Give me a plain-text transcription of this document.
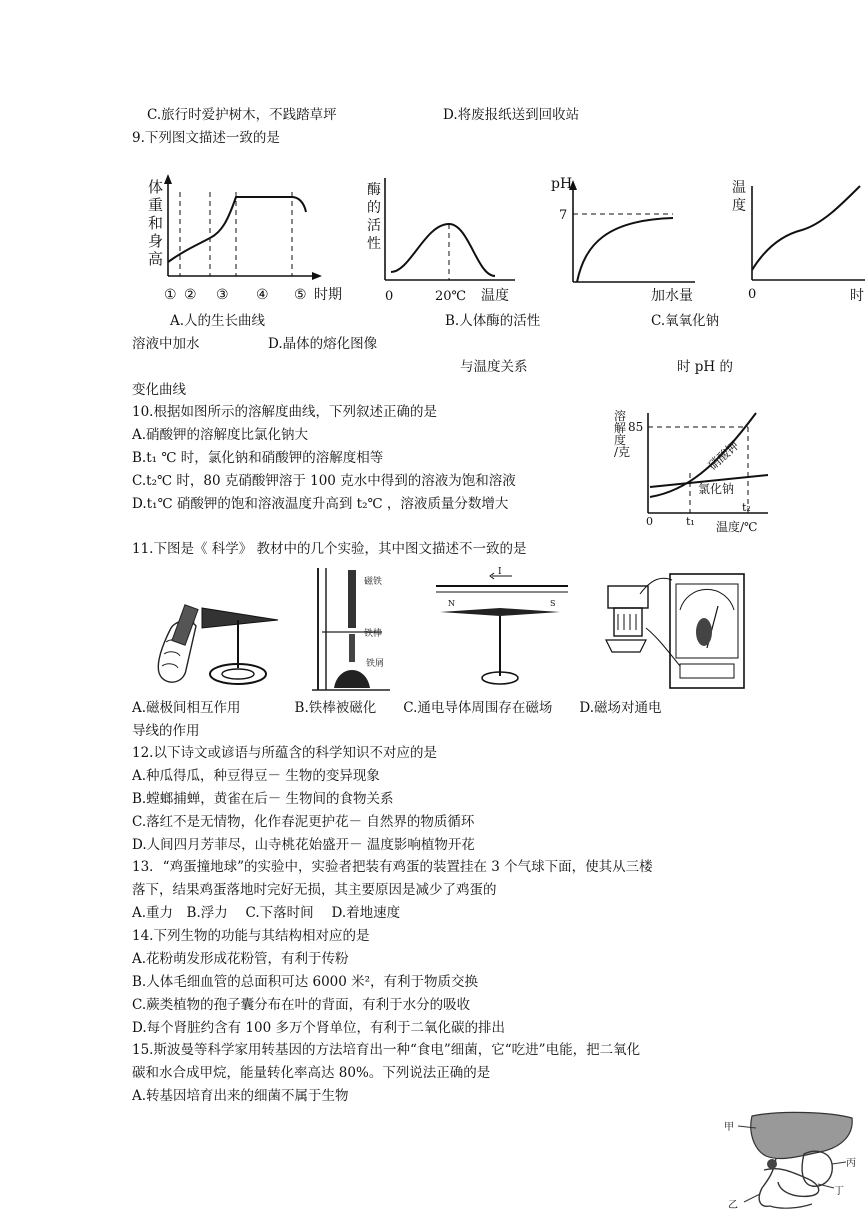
C.旅行时爱护树木，不践踏草坪	D.将废报纸送到回收站
9.下列图文描述一致的是
体
重
和
身
高
① ② ③ ④ ⑤ 时期
酶
的
活
性
0	20℃ 温度
pH
7
加水量
温
度
0	时
A.人的生长曲线	B.人体酶的活性	C.氧氧化钠
溶液中加水	D.晶体的熔化图像
与温度关系	时 pH 的
变化曲线
10.根据如图所示的溶解度曲线，下列叙述正确的是
A.硝酸钾的溶解度比氯化钠大
B.t₁ ℃ 时，氯化钠和硝酸钾的溶解度相等
C.t₂℃ 时，80 克硝酸钾溶于 100 克水中得到的溶液为饱和溶液
D.t₁℃ 硝酸钾的饱和溶液温度升高到 t₂℃ ，溶液质量分数增大
溶
解
度
/克
85
硝酸钾
氯化钠
0	t₁
t₂
温度/℃
11.下图是《 科学》 教材中的几个实验，其中图文描述不一致的是
磁铁
铁棒
铁屑
I
N	S
A.磁极间相互作用　　　　B.铁棒被磁化　　C.通电导体周围存在磁场　　D.磁场对通电
导线的作用
12.以下诗文或谚语与所蕴含的科学知识不对应的是
A.种瓜得瓜，种豆得豆－ 生物的变异现象
B.螳螂捕蝉，黄雀在后－ 生物间的食物关系
C.落红不是无情物，化作春泥更护花－ 自然界的物质循环
D.人间四月芳菲尽，山寺桃花始盛开－ 温度影响植物开花
13．“鸡蛋撞地球”的实验中，实验者把装有鸡蛋的装置挂在 3 个气球下面，使其从三楼
落下，结果鸡蛋落地时完好无损，其主要原因是减少了鸡蛋的
A.重力　B.浮力　 C.下落时间　 D.着地速度
14.下列生物的功能与其结构相对应的是
A.花粉萌发形成花粉管，有利于传粉
B.人体毛细血管的总面积可达 6000 米²，有利于物质交换
C.蕨类植物的孢子囊分布在叶的背面，有利于水分的吸收
D.每个肾脏约含有 100 多万个肾单位，有利于二氧化碳的排出
15.斯波曼等科学家用转基因的方法培育出一种“食电”细菌，它“吃进”电能，把二氧化
碳和水合成甲烷，能量转化率高达 80%。下列说法正确的是
A.转基因培育出来的细菌不属于生物
甲
丙
丁
乙
